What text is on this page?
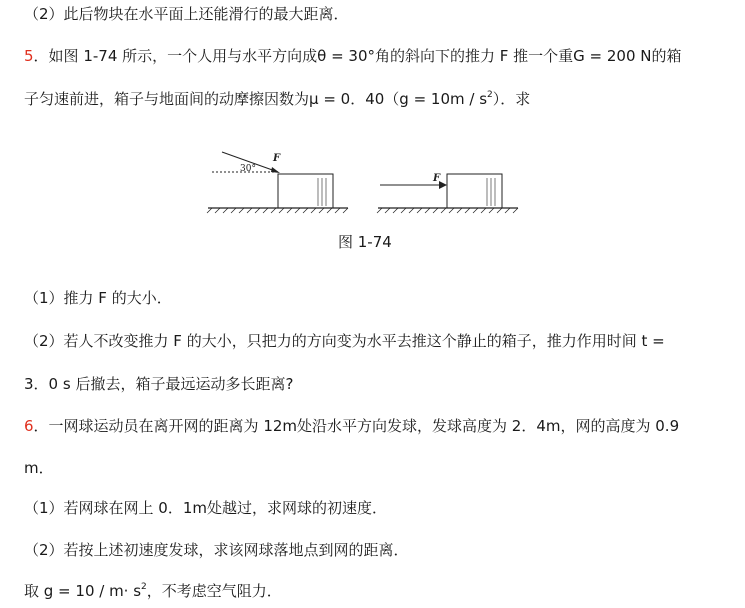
（2）此后物块在水平面上还能滑行的最大距离．
5．如图 1-74 所示，一个人用与水平方向成θ = 30°角的斜向下的推力 F 推一个重G = 200 N的箱
子匀速前进，箱子与地面间的动摩擦因数为μ = 0．$40(g = 10m / s^2)$．求
30°
F
F
图 1-74
（1）推力 F 的大小．
（2）若人不改变推力 F 的大小，只把力的方向变为水平去推这个静止的箱子，推力作用时间 t =
3．0 s 后撤去，箱子最远运动多长距离?
6．一网球运动员在离开网的距离为 12m处沿水平方向发球，发球高度为 2．4m，网的高度为 0.9
m．
（1）若网球在网上 0．1m处越过，求网球的初速度．
（2）若按上述初速度发球，求该网球落地点到网的距离．
取 $g = 10 / m\cdot s^2$，不考虑空气阻力．
